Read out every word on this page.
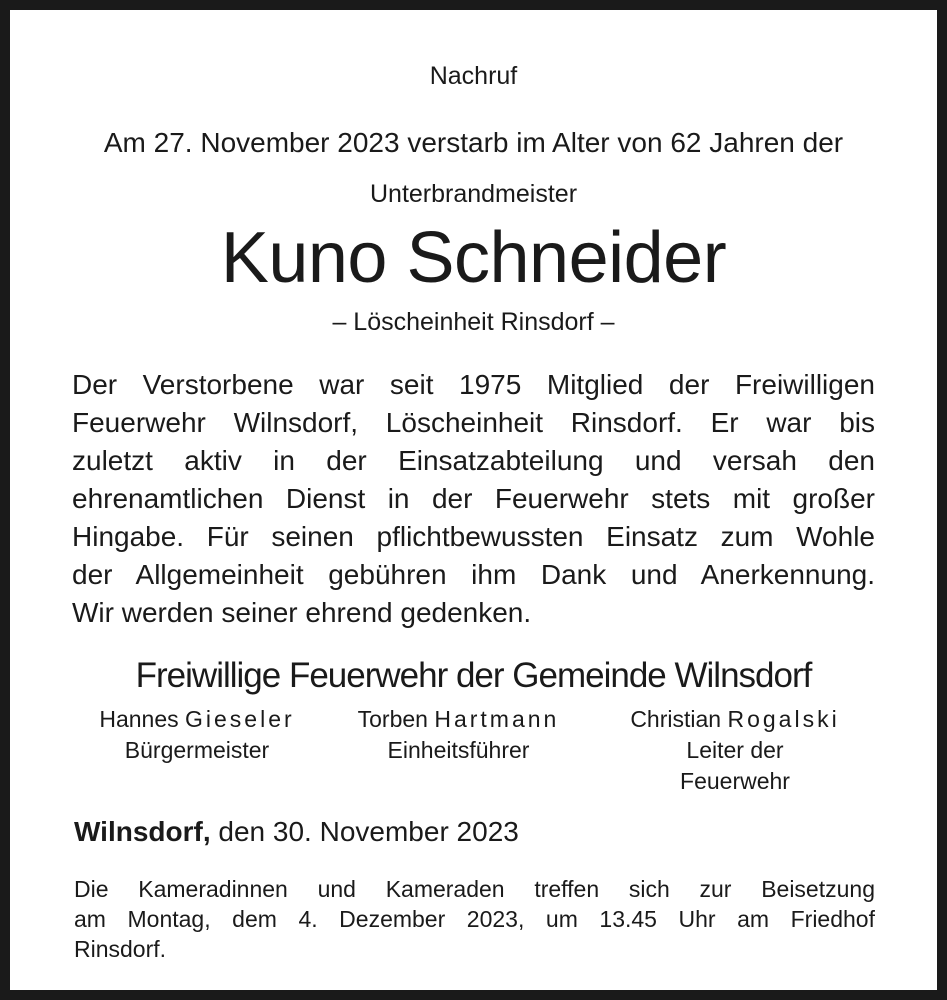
Nachruf
Am 27. November 2023 verstarb im Alter von 62 Jahren der
Unterbrandmeister
Kuno Schneider
– Löscheinheit Rinsdorf –
Der Verstorbene war seit 1975 Mitglied der Freiwilligen
Feuerwehr Wilnsdorf, Löscheinheit Rinsdorf. Er war bis
zuletzt aktiv in der Einsatzabteilung und versah den
ehrenamtlichen Dienst in der Feuerwehr stets mit großer
Hingabe. Für seinen pflichtbewussten Einsatz zum Wohle
der Allgemeinheit gebühren ihm Dank und Anerkennung.
Wir werden seiner ehrend gedenken.
Freiwillige Feuerwehr der Gemeinde Wilnsdorf
Hannes Gieseler
Bürgermeister
Torben Hartmann
Einheitsführer
Christian Rogalski
Leiter der
Feuerwehr
Wilnsdorf, den 30. November 2023
Die Kameradinnen und Kameraden treffen sich zur Beisetzung
am Montag, dem 4. Dezember 2023, um 13.45 Uhr am Friedhof
Rinsdorf.
